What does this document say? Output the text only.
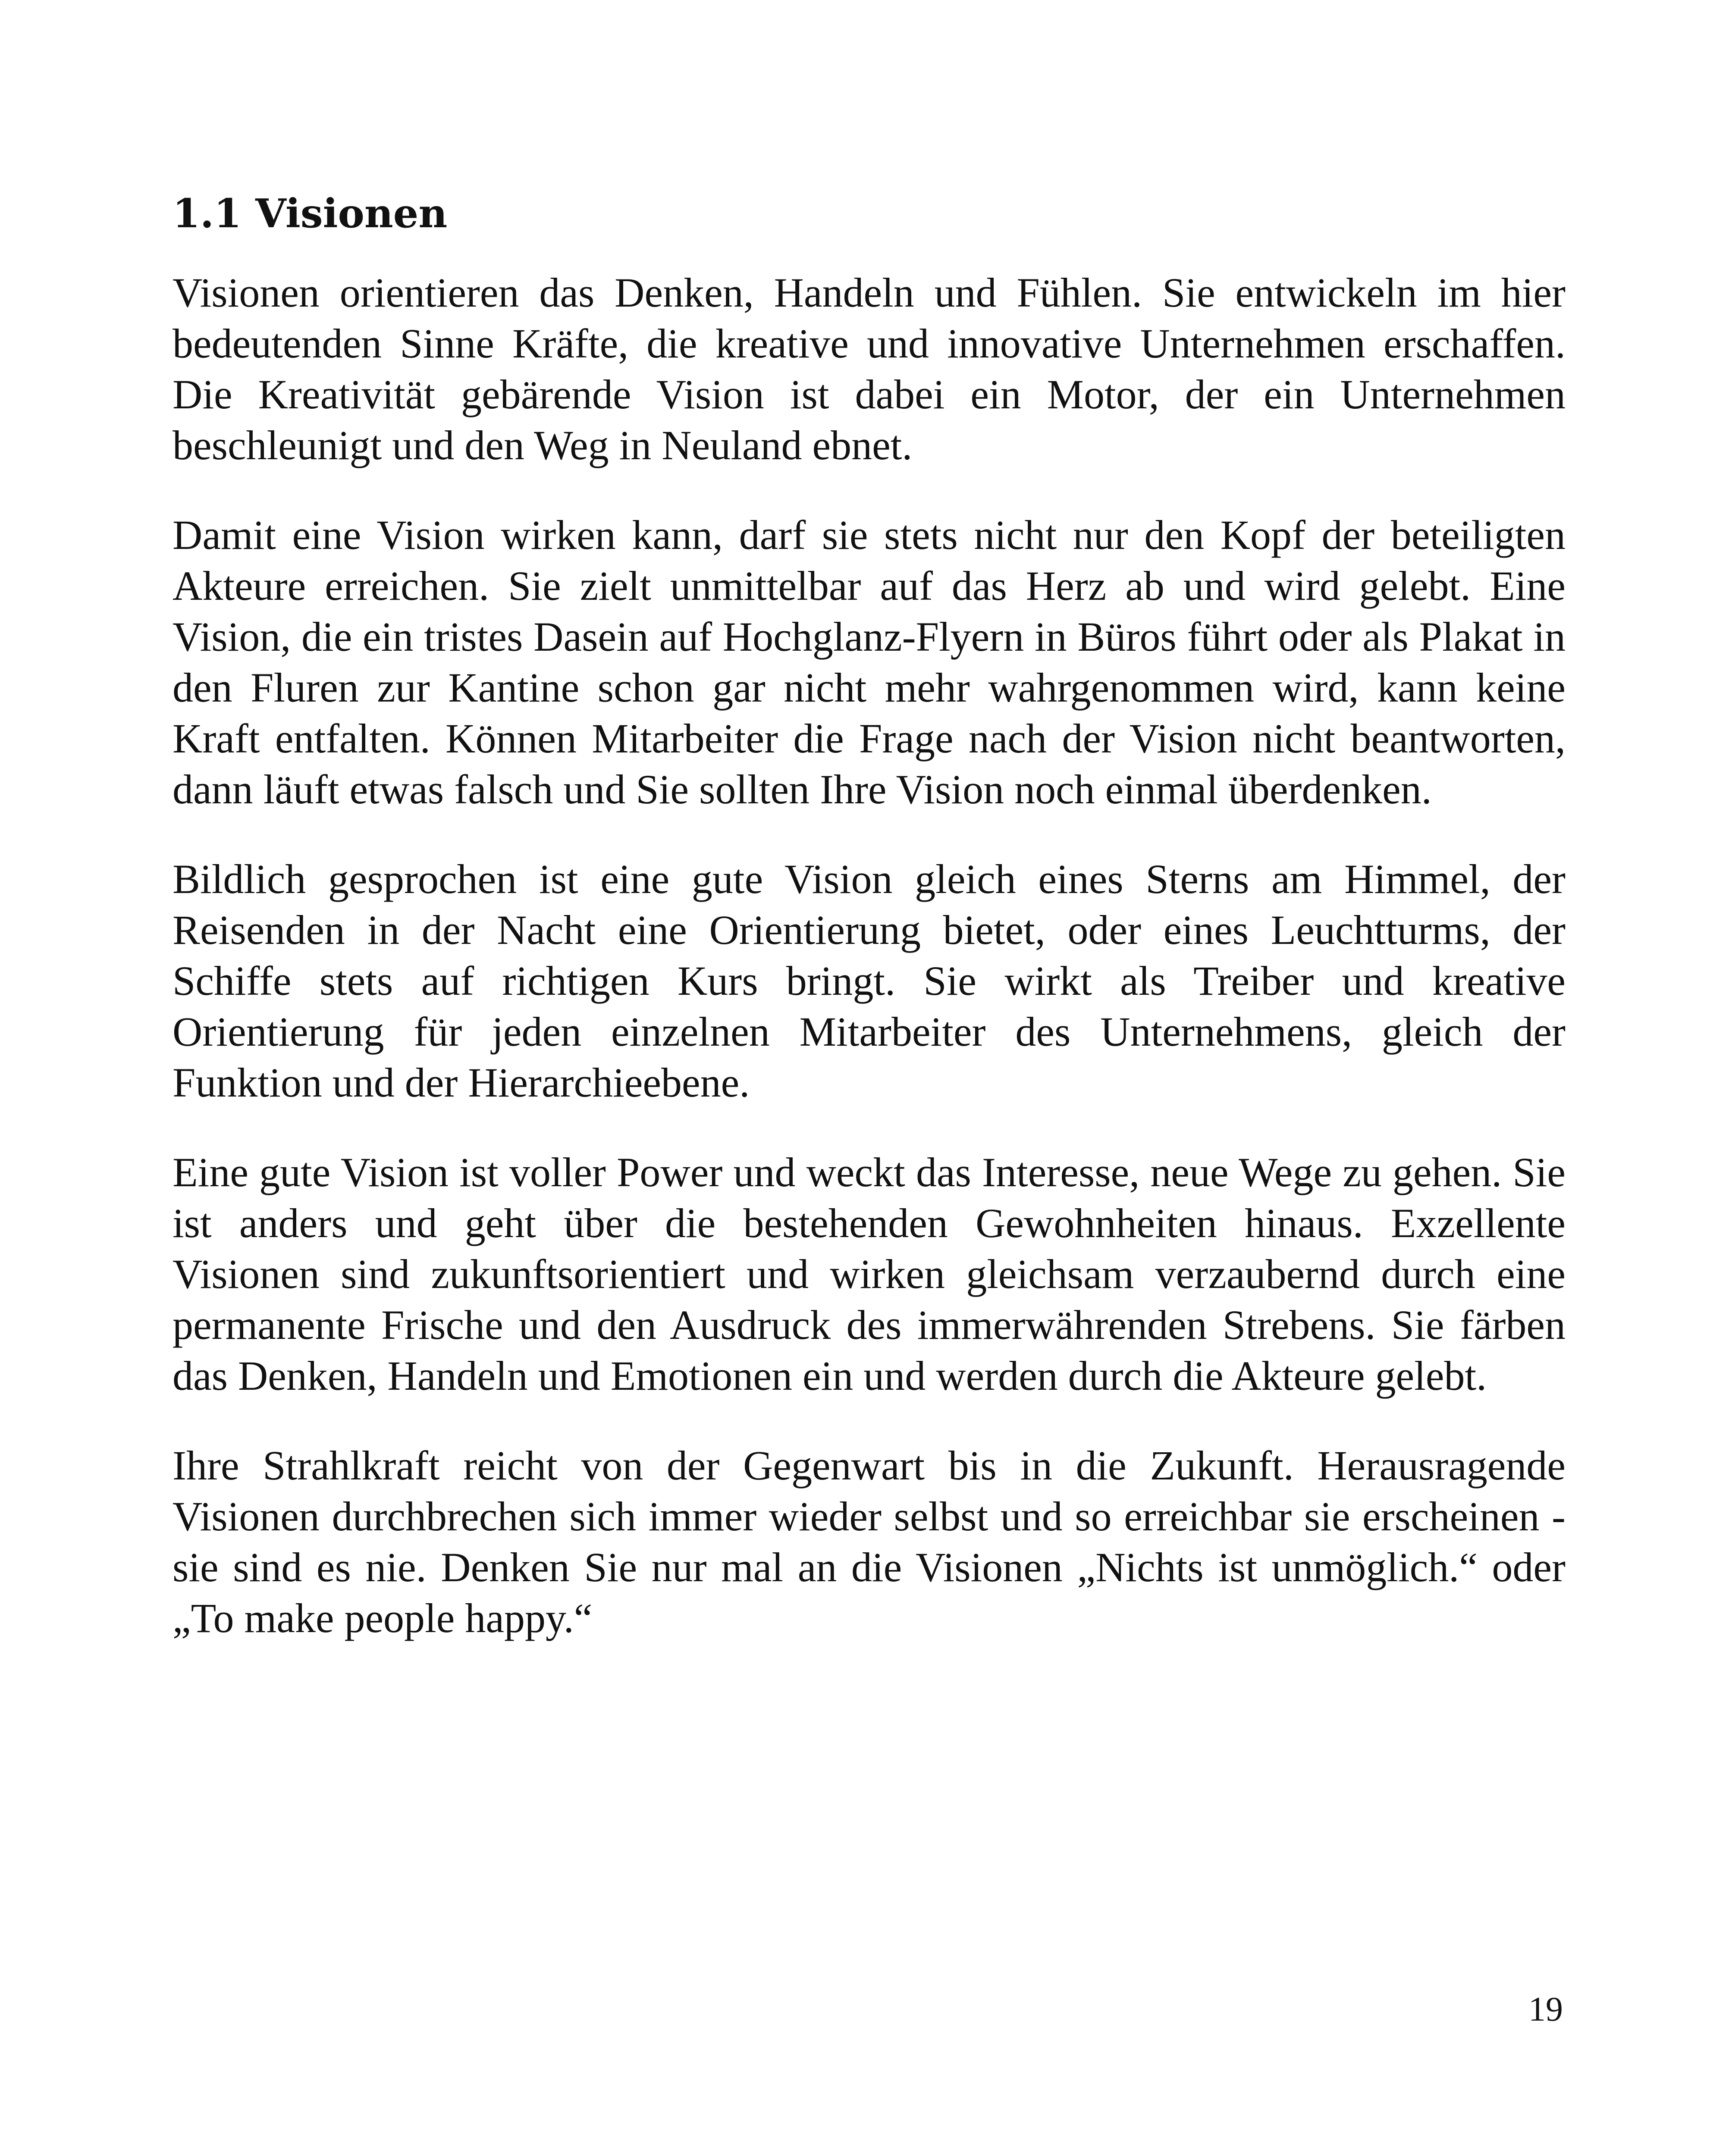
1.1 Visionen

Visionen orientieren das Denken, Handeln und Fühlen. Sie entwickeln im hier bedeutenden Sinne Kräfte, die kreative und innovative Unternehmen erschaffen. Die Kreativität gebärende Vision ist dabei ein Motor, der ein Unternehmen beschleunigt und den Weg in Neuland ebnet.

Damit eine Vision wirken kann, darf sie stets nicht nur den Kopf der beteiligten Akteure erreichen. Sie zielt unmittelbar auf das Herz ab und wird gelebt. Eine Vision, die ein tristes Dasein auf Hochglanz-Flyern in Büros führt oder als Plakat in den Fluren zur Kantine schon gar nicht mehr wahrgenommen wird, kann keine Kraft entfalten. Können Mitarbeiter die Frage nach der Vision nicht beantworten, dann läuft etwas falsch und Sie sollten Ihre Vision noch einmal überdenken.

Bildlich gesprochen ist eine gute Vision gleich eines Sterns am Himmel, der Reisenden in der Nacht eine Orientierung bietet, oder eines Leuchtturms, der Schiffe stets auf richtigen Kurs bringt. Sie wirkt als Treiber und kreative Orientierung für jeden einzelnen Mitarbeiter des Unternehmens, gleich der Funktion und der Hierarchieebene.

Eine gute Vision ist voller Power und weckt das Interesse, neue Wege zu gehen. Sie ist anders und geht über die bestehenden Gewohnheiten hinaus. Exzellente Visionen sind zukunftsorientiert und wirken gleichsam verzaubernd durch eine permanente Frische und den Ausdruck des immerwährenden Strebens. Sie färben das Denken, Handeln und Emotionen ein und werden durch die Akteure gelebt.

Ihre Strahlkraft reicht von der Gegenwart bis in die Zukunft. Herausragende Visionen durchbrechen sich immer wieder selbst und so erreichbar sie erscheinen - sie sind es nie. Denken Sie nur mal an die Visionen „Nichts ist unmöglich.“ oder „To make people happy.“

19
